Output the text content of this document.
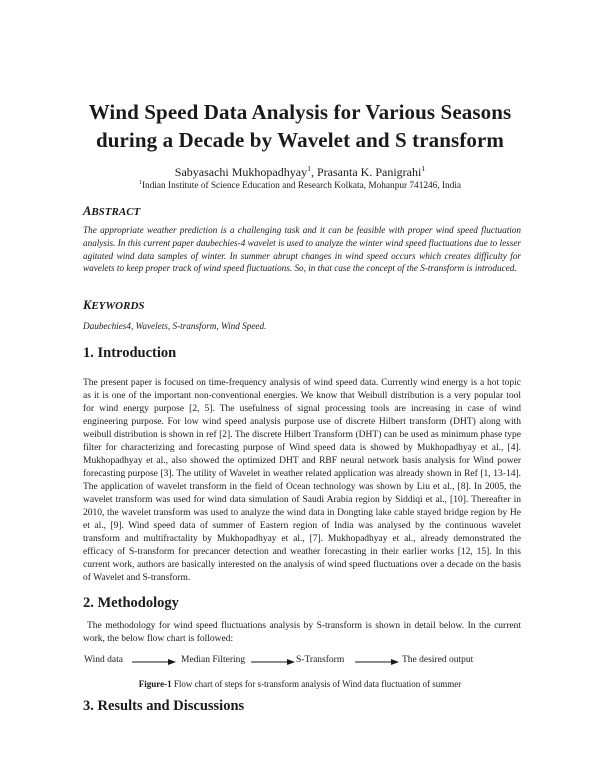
Wind Speed Data Analysis for Various Seasons
during a Decade by Wavelet and S transform
Sabyasachi Mukhopadhyay$^1$, Prasanta K. Panigrahi$^1$
$^1$Indian Institute of Science Education and Research Kolkata, Mohanpur 741246, India
ABSTRACT
The appropriate weather prediction is a challenging task and it can be feasible with proper wind speed fluctuation analysis. In this current paper daubechies-4 wavelet is used to analyze the winter wind speed fluctuations due to lesser agitated wind data samples of winter. In summer abrupt changes in wind speed occurs which creates difficulty for wavelets to keep proper track of wind speed fluctuations. So, in that case the concept of the S-transform is introduced.
KEYWORDS
Daubechies4, Wavelets, S-transform, Wind Speed.
1. Introduction
The present paper is focused on time-frequency analysis of wind speed data. Currently wind energy is a hot topic as it is one of the important non-conventional energies. We know that Weibull distribution is a very popular tool for wind energy purpose [2, 5]. The usefulness of signal processing tools are increasing in case of wind engineering purpose. For low wind speed analysis purpose use of discrete Hilbert transform (DHT) along with weibull distribution is shown in ref [2]. The discrete Hilbert Transform (DHT) can be used as minimum phase type filter for characterizing and forecasting purpose of Wind speed data is showed by Mukhopadhyay et al., [4]. Mukhopadhyay et al., also showed the optimized DHT and RBF neural network basis analysis for Wind power forecasting purpose [3]. The utility of Wavelet in weather related application was already shown in Ref [1, 13-14]. The application of wavelet transform in the field of Ocean technology was shown by Liu et al., [8]. In 2005, the wavelet transform was used for wind data simulation of Saudi Arabia region by Siddiqi et al., [10]. Thereafter in 2010, the wavelet transform was used to analyze the wind data in Dongting lake cable stayed bridge region by He et al., [9]. Wind speed data of summer of Eastern region of India was analysed by the continuous wavelet transform and multifractality by Mukhopadhyay et al., [7]. Mukhopadhyay et al., already demonstrated the efficacy of S-transform for precancer detection and weather forecasting in their earlier works [12, 15]. In this current work, authors are basically interested on the analysis of wind speed fluctuations over a decade on the basis of Wavelet and S-transform.
2. Methodology
The methodology for wind speed fluctuations analysis by S-transform is shown in detail below. In the current work, the below flow chart is followed:
Wind data	Median Filtering	S-Transform	The desired output
Figure-1 Flow chart of steps for s-transform analysis of Wind data fluctuation of summer
3. Results and Discussions
